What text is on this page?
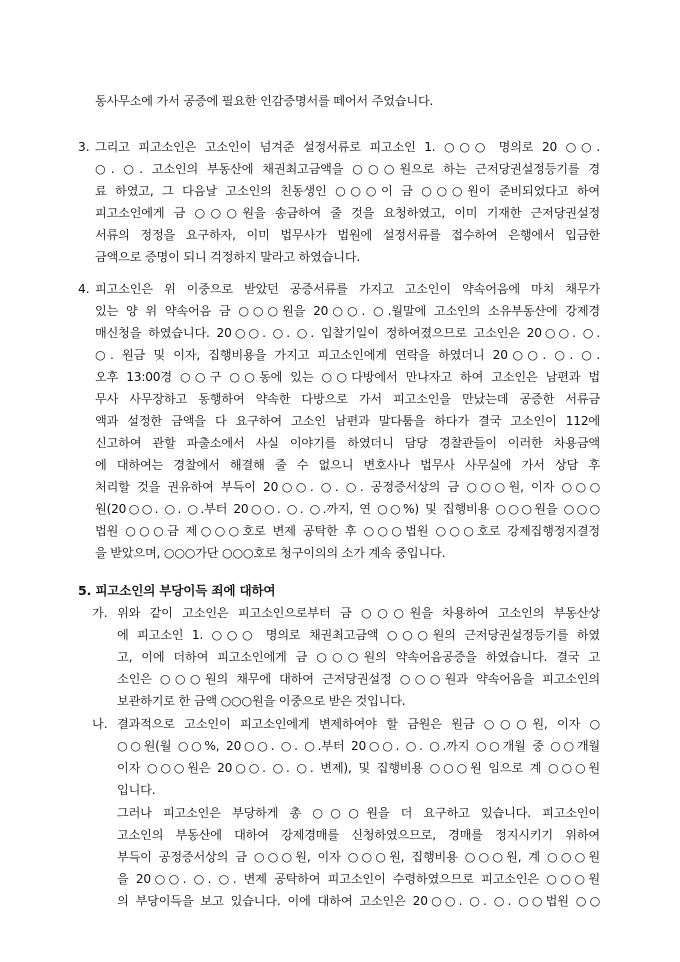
동사무소에 가서 공증에 필요한 인감증명서를 떼어서 주었습니다.
3. 그리고 피고소인은 고소인이 넘겨준 설정서류로 피고소인 1. ○○○ 명의로 20 ○○.
○. ○. 고소인의 부동산에 채권최고금액을 ○○○원으로 하는 근저당권설정등기를 경
료 하였고, 그 다음날 고소인의 친동생인 ○○○이 금 ○○○원이 준비되었다고 하여
피고소인에게 금 ○○○원을 송금하여 줄 것을 요청하였고, 이미 기재한 근저당권설정
서류의 정정을 요구하자, 이미 법무사가 법원에 설정서류를 접수하여 은행에서 입금한
금액으로 증명이 되니 걱정하지 말라고 하였습니다.
4. 피고소인은 위 이중으로 받았던 공증서류를 가지고 고소인이 약속어음에 마치 채무가
있는 양 위 약속어음 금 ○○○원을 20○○. ○.월말에 고소인의 소유부동산에 강제경
매신청을 하였습니다. 20○○. ○. ○. 입찰기일이 정하여졌으므로 고소인은 20○○. ○.
○. 원금 및 이자, 집행비용을 가지고 피고소인에게 연락을 하였더니 20○○. ○. ○.
오후 13:00경 ○○구 ○○동에 있는 ○○다방에서 만나자고 하여 고소인은 남편과 법
무사 사무장하고 동행하여 약속한 다방으로 가서 피고소인을 만났는데 공증한 서류금
액과 설정한 금액을 다 요구하여 고소인 남편과 말다툼을 하다가 결국 고소인이 112에
신고하여 관할 파출소에서 사실 이야기를 하였더니 담당 경찰관들이 이러한 차용금액
에 대하여는 경찰에서 해결해 줄 수 없으니 변호사나 법무사 사무실에 가서 상담 후
처리할 것을 권유하여 부득이 20○○. ○. ○. 공정증서상의 금 ○○○원, 이자 ○○○
원(20○○. ○. ○.부터 20○○. ○. ○.까지, 연 ○○%) 및 집행비용 ○○○원을 ○○○
법원 ○○○금 제○○○호로 변제 공탁한 후 ○○○법원 ○○○호로 강제집행정지결정
을 받았으며, ○○○가단 ○○○호로 청구이의의 소가 계속 중입니다.
5. 피고소인의 부당이득 죄에 대하여
가. 위와 같이 고소인은 피고소인으로부터 금 ○○○원을 차용하여 고소인의 부동산상
에 피고소인 1. ○○○ 명의로 채권최고금액 ○○○원의 근저당권설정등기를 하였
고, 이에 더하여 피고소인에게 금 ○○○원의 약속어음공증을 하였습니다. 결국 고
소인은 ○○○원의 채무에 대하여 근저당권설정 ○○○원과 약속어음을 피고소인의
보관하기로 한 금액 ○○○원을 이중으로 받은 것입니다.
나. 결과적으로 고소인이 피고소인에게 변제하여야 할 금원은 원금 ○○○원, 이자 ○
○○원(월 ○○%, 20○○. ○. ○.부터 20○○. ○. ○.까지 ○○개월 중 ○○개월
이자 ○○○원은 20○○. ○. ○. 변제), 및 집행비용 ○○○원 임으로 계 ○○○원
입니다.
그러나 피고소인은 부당하게 총 ○○○원을 더 요구하고 있습니다. 피고소인이
고소인의 부동산에 대하여 강제경매를 신청하였으므로, 경매를 정지시키기 위하여
부득이 공정증서상의 금 ○○○원, 이자 ○○○원, 집행비용 ○○○원, 계 ○○○원
을 20○○. ○. ○. 변제 공탁하여 피고소인이 수령하였으므로 피고소인은 ○○○원
의 부당이득을 보고 있습니다. 이에 대하여 고소인은 20○○. ○. ○. ○○법원 ○○
